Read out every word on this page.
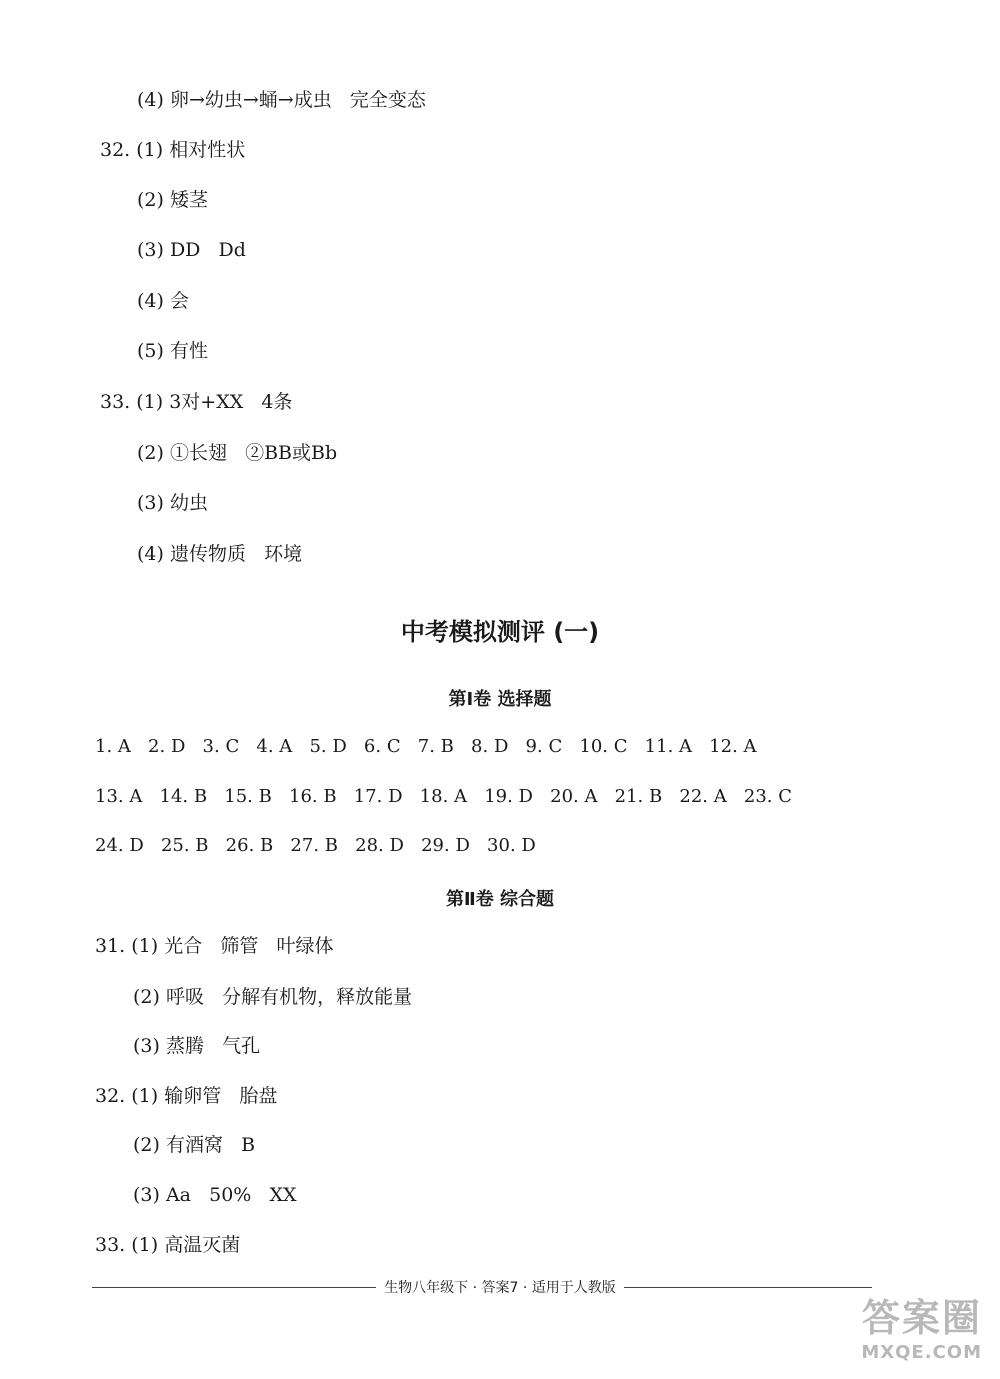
(4) 卵→幼虫→蛹→成虫   完全变态
32. (1) 相对性状
(2) 矮茎
(3) DD   Dd
(4) 会
(5) 有性
33. (1) 3对+XX   4条
(2) ①长翅   ②BB或Bb
(3) 幼虫
(4) 遗传物质   环境
中考模拟测评 (一)
第Ⅰ卷 选择题
1. A   2. D   3. C   4. A   5. D   6. C   7. B   8. D   9. C   10. C   11. A   12. A
13. A   14. B   15. B   16. B   17. D   18. A   19. D   20. A   21. B   22. A   23. C
24. D   25. B   26. B   27. B   28. D   29. D   30. D
第Ⅱ卷 综合题
31. (1) 光合   筛管   叶绿体
(2) 呼吸   分解有机物，释放能量
(3) 蒸腾   气孔
32. (1) 输卵管   胎盘
(2) 有酒窝   B
(3) Aa   50%   XX
33. (1) 高温灭菌
生物八年级下 · 答案7 · 适用于人教版
答案圈
MXQE.COM
